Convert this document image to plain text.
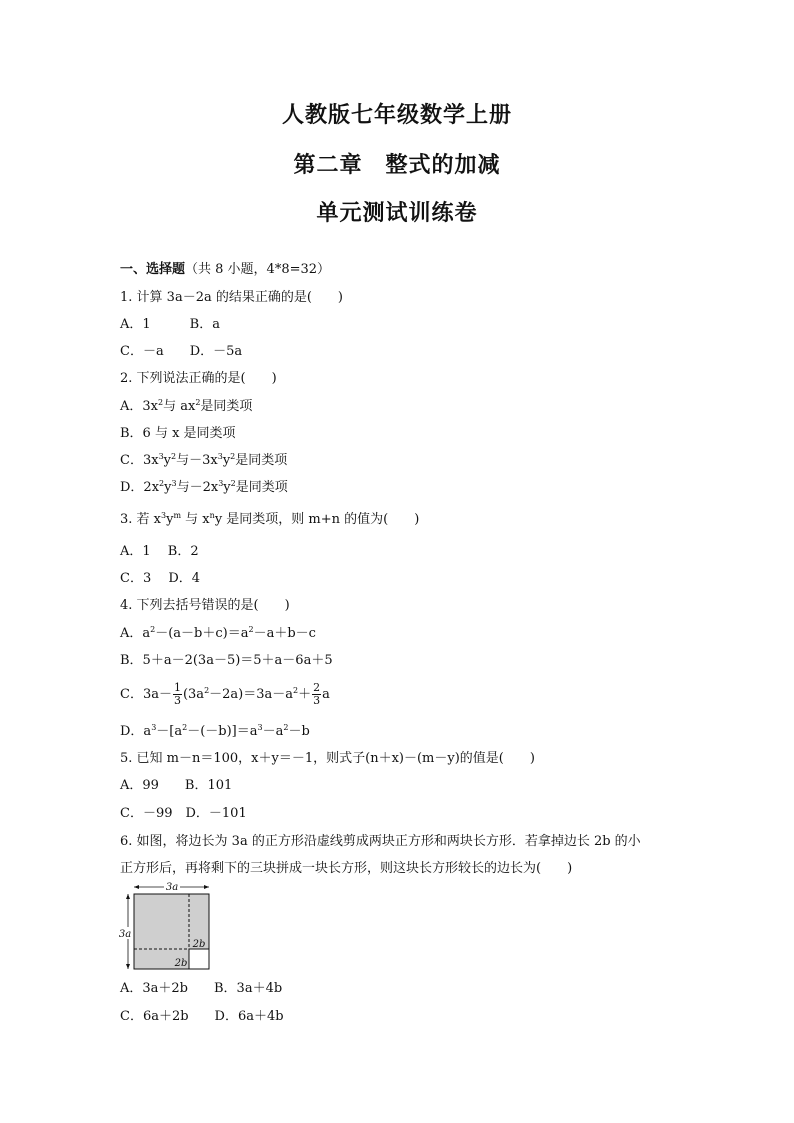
人教版七年级数学上册
第二章　整式的加减
单元测试训练卷
一、选择题（共 8 小题，4*8=32）
1. 计算 3a－2a 的结果正确的是(　　)
A．1　　　B．a
C．－a　　D．－5a
2. 下列说法正确的是(　　)
A．$3x^2$与 $ax^2$是同类项
B．6 与 x 是同类项
C．$3x^3y^2$与$-3x^3y^2$是同类项
D．$2x^2y^3$与$-2x^3y^2$是同类项
3. 若 $x^3y^m$ 与 $x^ny$ 是同类项，则 m+n 的值为(　　)
A．1　 B．2
C．3　 D．4
4. 下列去括号错误的是(　　)
A．$a^2-(a-b+c)=a^2-a+b-c$
B．5＋a－2(3a－5)＝5＋a－6a＋5
C．$3a- \frac{1}{3} (3a^2-2a)=3a-a^2+ \frac{2}{3}$ a
D．$a^3-[a^2-(-b)]=a^3-a^2-b$
5. 已知 m－n＝100，x＋y＝－1，则式子(n＋x)－(m－y)的值是(　　)
A．99　　B．101
C．－99　D．－101
6. 如图，将边长为 3a 的正方形沿虚线剪成两块正方形和两块长方形．若拿掉边长 2b 的小
正方形后，再将剩下的三块拼成一块长方形，则这块长方形较长的边长为(　　)
3a
3a
2b
2b
A．3a＋2b　　B．3a＋4b
C．6a＋2b　　D．6a＋4b
